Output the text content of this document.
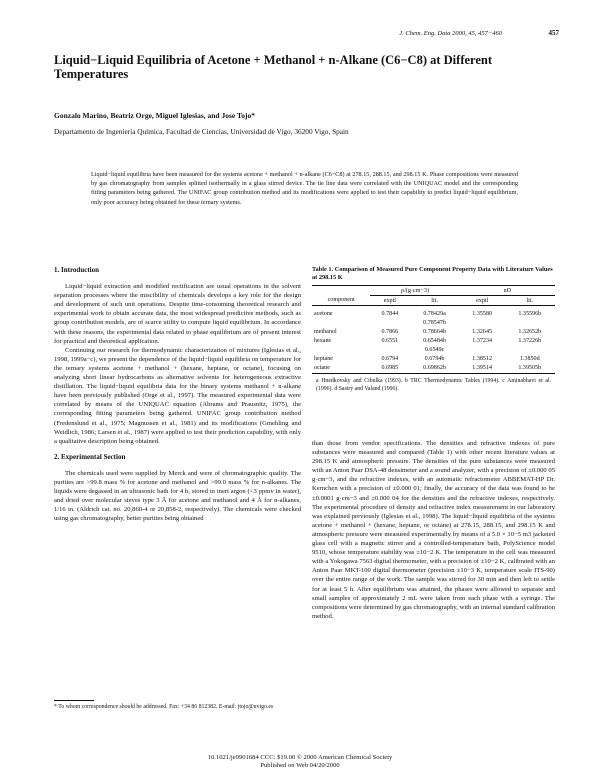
J. Chem. Eng. Data 2000, 45, 457−460	457
Liquid−Liquid Equilibria of Acetone + Methanol + n-Alkane (C6−C8) at Different Temperatures
Gonzalo Marino, Beatriz Orge, Miguel Iglesias, and Jose Tojo*
Departamento de Ingeniería Química, Facultad de Ciencias, Universidad de Vigo, 36200 Vigo, Spain

Liquid−liquid equilibria have been measured for the systems acetone + methanol + n-alkane (C6−C8) at 278.15, 288.15, and 298.15 K. Phase compositions were measured by gas chromatography from samples splitted isothermally in a glass stirred device. The tie line data were correlated with the UNIQUAC model and the corresponding fitting parameters being gathered. The UNIFAC group contribution method and its modifications were applied to test their capability to predict liquid−liquid equilibrium, only poor accuracy being obtained for these ternary systems.

1. Introduction

Liquid−liquid extraction and modified rectification are usual operations in the solvent separation processes where the miscibility of chemicals develops a key role for the design and development of such unit operations. Despite time-consuming theoretical research and experimental work to obtain accurate data, the most widespread predictive methods, such as group contribution models, are of scarce utility to compute liquid equilibrium. In accordance with these reasons, the experimental data related to phase equilibrium are of present interest for practical and theoretical application.

Continuing our research for thermodynamic characterization of mixtures (Iglesias et al., 1998, 1999a−c), we present the dependence of the liquid−liquid equilibria on temperature for the ternary systems acetone + methanol + (hexane, heptane, or octane), focusing on analyzing short linear hydrocarbons as alternative solvents for heterogeneous extractive distillation. The liquid−liquid equilibria data for the binary systems methanol + n-alkane have been previously published (Orge et al., 1997). The measured experimental data were correlated by means of the UNIQUAC equation (Abrams and Prausnitz, 1975), the corresponding fitting parameters being gathered. UNIFAC group contribution method (Fredenslund et al., 1975; Magnussen et al., 1981) and its modifications (Gmehling and Weidlich, 1986; Larsen et al., 1987) were applied to test their prediction capability, with only a qualitative description being obtained.

2. Experimental Section

The chemicals used were supplied by Merck and were of chromatographic quality. The purities are >99.8 mass % for acetone and methanol and >99.0 mass % for n-alkanes. The liquids were degassed in an ultrasonic bath for 4 h, stored in inert argon (<3 ppmv in water), and dried over molecular sieves type 3 Å for acetone and methanol and 4 Å for n-alkanes, 1/16 in. (Aldrich cat. no. 20,860-4 or 20,858-2, respectively). The chemicals were checked using gas chromatography, better purities being obtained

Table 1. Comparison of Measured Pure Component Property Data with Literature Values at 298.15 K
	ρ/(g·cm−3)		nD	
component	exptl	lit.	exptl	lit.

acetone	0.7844	0.78429a	1.35580	1.35596b
		0.78547b		
methanol	0.7866	0.78664b	1.32645	1.32652b
hexane	0.6551	0.65484b	1.37234	1.37226b
		0.6549c		
heptane	0.6794	0.6794b	1.38512	1.3850d
octane	0.6985	0.69862b	1.39514	1.39505b
a Hnedkovsky and Cibulka (1993). b TRC Thermodynamic Tables (1994). c Aminabhavi et al. (1996). d Sastry and Valand (1996).

than those from vendor specifications. The densities and refractive indexes of pure substances were measured and compared (Table 1) with other recent literature values at 298.15 K and atmospheric pressure. The densities of the pure substances were measured with an Anton Paar DSA-48 densimeter and a sound analyzer, with a precision of ±0.000 05 g·cm−3, and the refractive indexes, with an automatic refractometer ABBEMAT-HP Dr. Kernchen with a precision of ±0.000 01; finally, the accuracy of the data was found to be ±0.0001 g·cm−3 and ±0.000 04 for the densities and the refractive indexes, respectively. The experimental procedure of density and refractive index measurement in our laboratory was explained previously (Iglesias et al., 1998). The liquid−liquid equilibria of the systems acetone + methanol + (hexane, heptane, or octane) at 278.15, 288.15, and 298.15 K and atmospheric pressure were measured experimentally by means of a 5.0 × 10−5 m3 jacketed glass cell with a magnetic stirrer and a controlled-temperature bath, PolyScience model 9510, whose temperature stability was ±10−2 K. The temperature in the cell was measured with a Yokogawa 7563 digital thermometer, with a precision of ±10−2 K, calibrated with an Anton Paar MKT-100 digital thermometer (precision ±10−3 K, temperature scale ITS-90) over the entire range of the work. The sample was stirred for 30 min and then left to settle for at least 5 h. After equilibrium was attained, the phases were allowed to separate and small samples of approximately 2 mL were taken from each phase with a syringe. The compositions were determined by gas chromatography, with an internal standard calibration method.

* To whom correspondence should be addressed. Fax: +34 86 812382. E-mail: jtojo@uvigo.es
10.1021/je9901684 CCC: $19.00 © 2000 American Chemical Society
Published on Web 04/20/2000
